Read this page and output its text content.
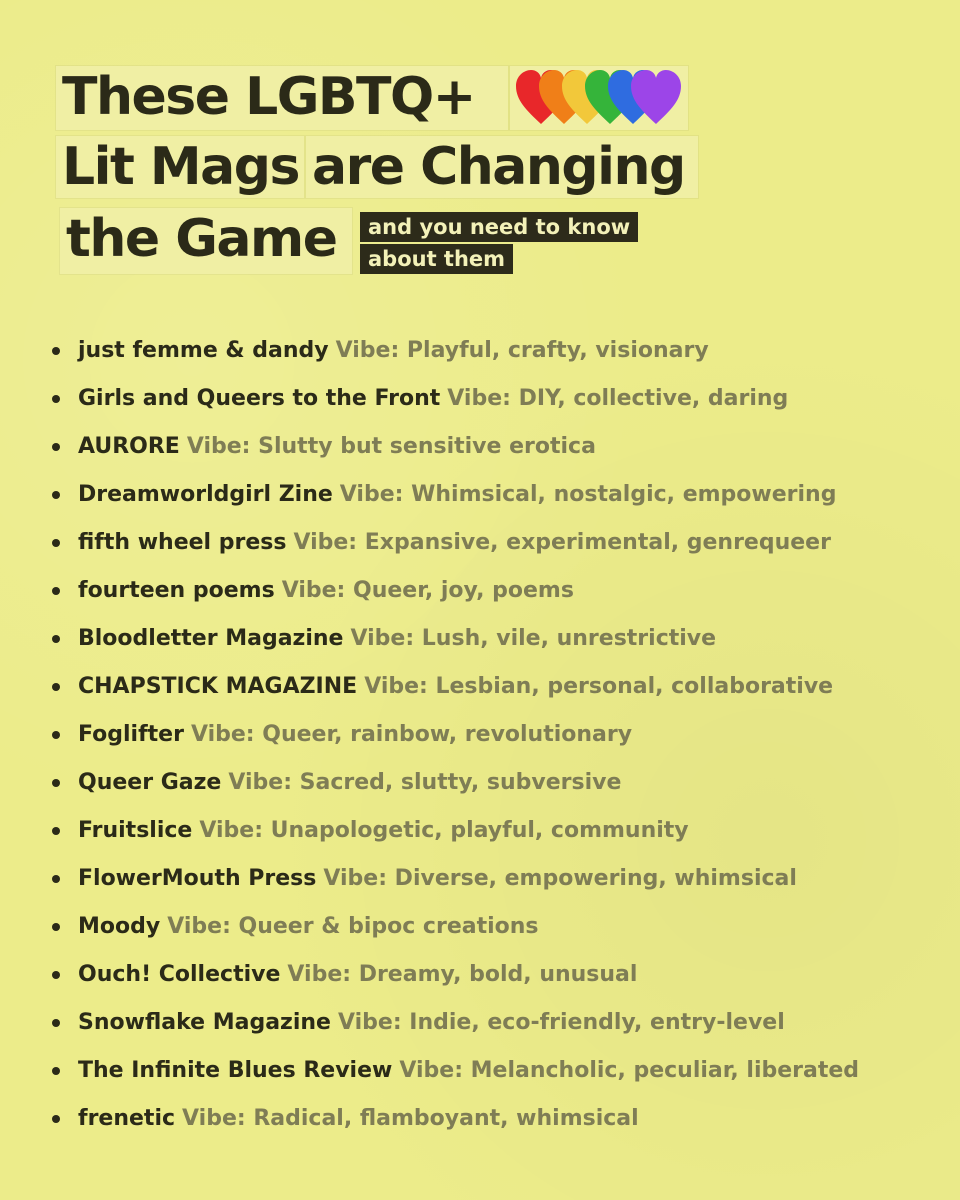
These LGBTQ+
Lit Mags are Changing
the Game	and you need to know
about them
just femme & dandy Vibe: Playful, crafty, visionary
Girls and Queers to the Front Vibe: DIY, collective, daring
AURORE Vibe: Slutty but sensitive erotica
Dreamworldgirl Zine Vibe: Whimsical, nostalgic, empowering
fifth wheel press Vibe: Expansive, experimental, genrequeer
fourteen poems Vibe: Queer, joy, poems
Bloodletter Magazine Vibe: Lush, vile, unrestrictive
CHAPSTICK MAGAZINE Vibe: Lesbian, personal, collaborative
Foglifter Vibe: Queer, rainbow, revolutionary
Queer Gaze Vibe: Sacred, slutty, subversive
Fruitslice Vibe: Unapologetic, playful, community
FlowerMouth Press Vibe: Diverse, empowering, whimsical
Moody Vibe: Queer & bipoc creations
Ouch! Collective Vibe: Dreamy, bold, unusual
Snowflake Magazine Vibe: Indie, eco-friendly, entry-level
The Infinite Blues Review Vibe: Melancholic, peculiar, liberated
frenetic Vibe: Radical, flamboyant, whimsical
